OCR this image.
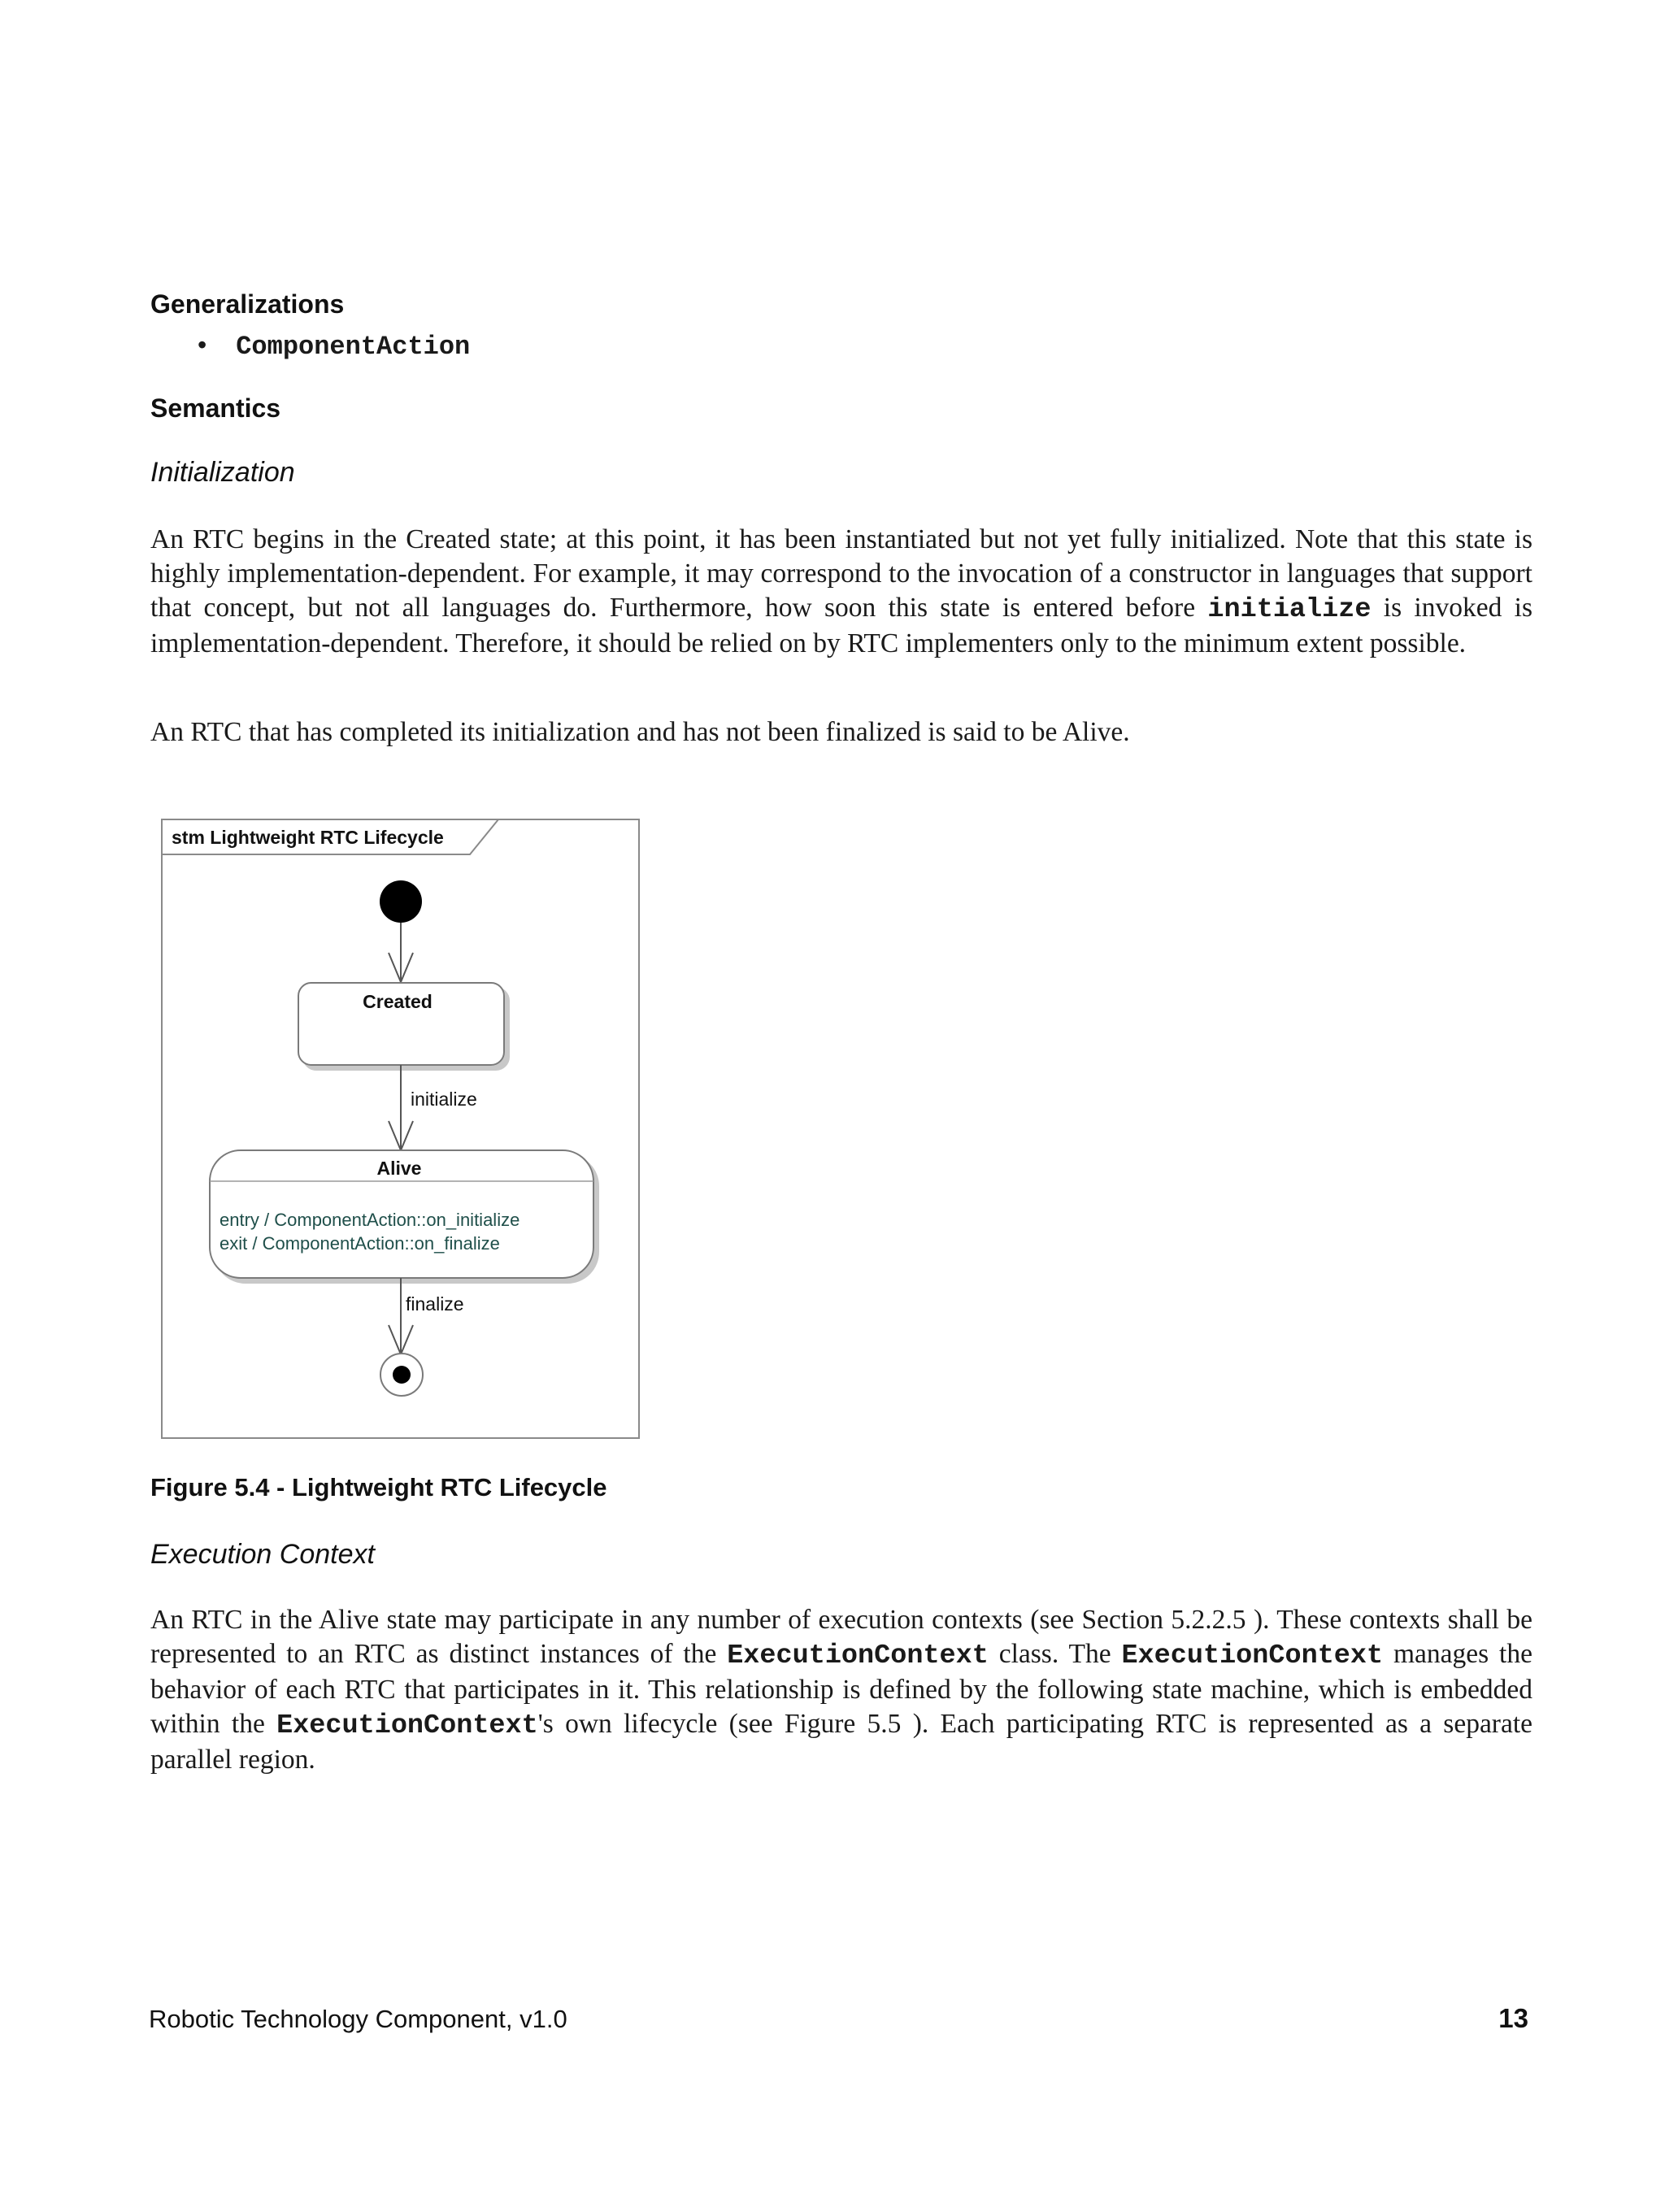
Generalizations
• ComponentAction
Semantics
Initialization

An RTC begins in the Created state; at this point, it has been instantiated but not yet fully initialized. Note that this state is highly implementation-dependent. For example, it may correspond to the invocation of a constructor in languages that support that concept, but not all languages do. Furthermore, how soon this state is entered before initialize is invoked is implementation-dependent. Therefore, it should be relied on by RTC implementers only to the minimum extent possible.

An RTC that has completed its initialization and has not been finalized is said to be Alive.

stm Lightweight RTC Lifecycle
Created
initialize
Alive
entry / ComponentAction::on_initialize
exit / ComponentAction::on_finalize
finalize
Figure 5.4 - Lightweight RTC Lifecycle
Execution Context

An RTC in the Alive state may participate in any number of execution contexts (see Section 5.2.2.5 ). These contexts shall be represented to an RTC as distinct instances of the ExecutionContext class. The ExecutionContext manages the behavior of each RTC that participates in it. This relationship is defined by the following state machine, which is embedded within the ExecutionContext's own lifecycle (see Figure 5.5 ). Each participating RTC is represented as a separate parallel region.

Robotic Technology Component, v1.0	13
